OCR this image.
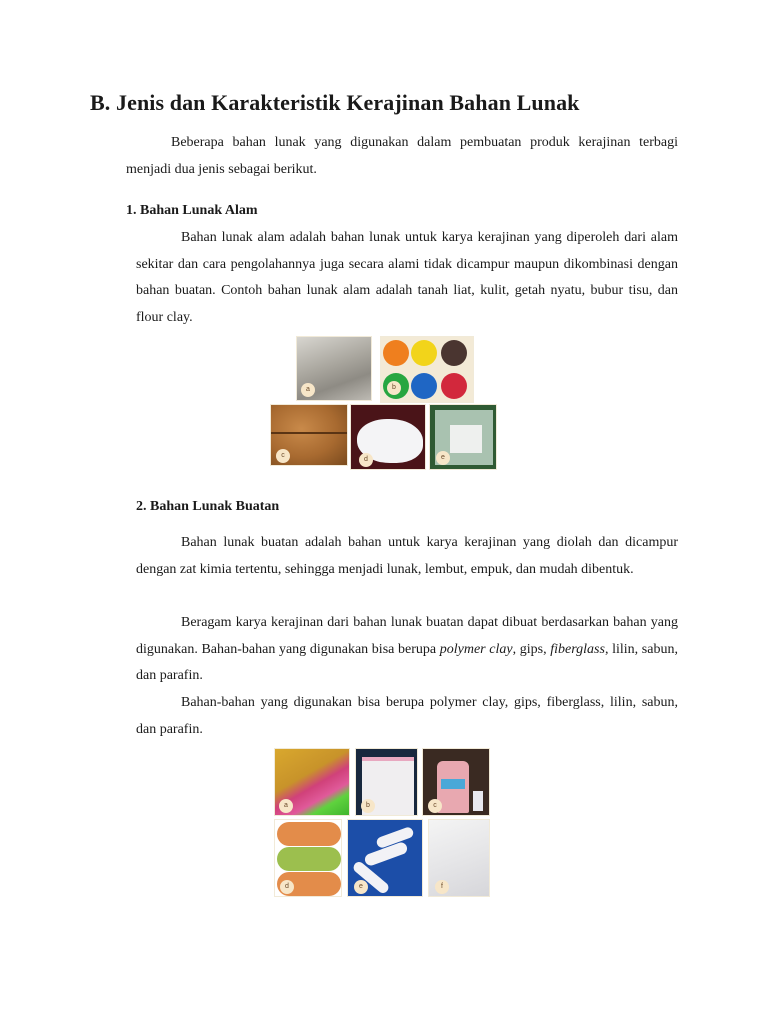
B. Jenis dan Karakteristik Kerajinan Bahan Lunak
Beberapa bahan lunak yang digunakan dalam pembuatan produk kerajinan terbagi menjadi dua jenis sebagai berikut.
1. Bahan Lunak Alam
Bahan lunak alam adalah bahan lunak untuk karya kerajinan yang diperoleh dari alam sekitar dan cara pengolahannya juga secara alami tidak dicampur maupun dikombinasi dengan bahan buatan. Contoh bahan lunak alam adalah tanah liat, kulit, getah nyatu, bubur tisu, dan flour clay.
a	b
c
d	e
2. Bahan Lunak Buatan
Bahan lunak buatan adalah bahan untuk karya kerajinan yang diolah dan dicampur dengan zat kimia tertentu, sehingga menjadi lunak, lembut, empuk, dan mudah dibentuk.
Beragam karya kerajinan dari bahan lunak buatan dapat dibuat berdasarkan bahan yang digunakan. Bahan-bahan yang digunakan bisa berupa polymer clay, gips, fiberglass, lilin, sabun, dan parafin.
Bahan-bahan yang digunakan bisa berupa polymer clay, gips, fiberglass, lilin, sabun, dan parafin.
a	b	c
d	e	f
